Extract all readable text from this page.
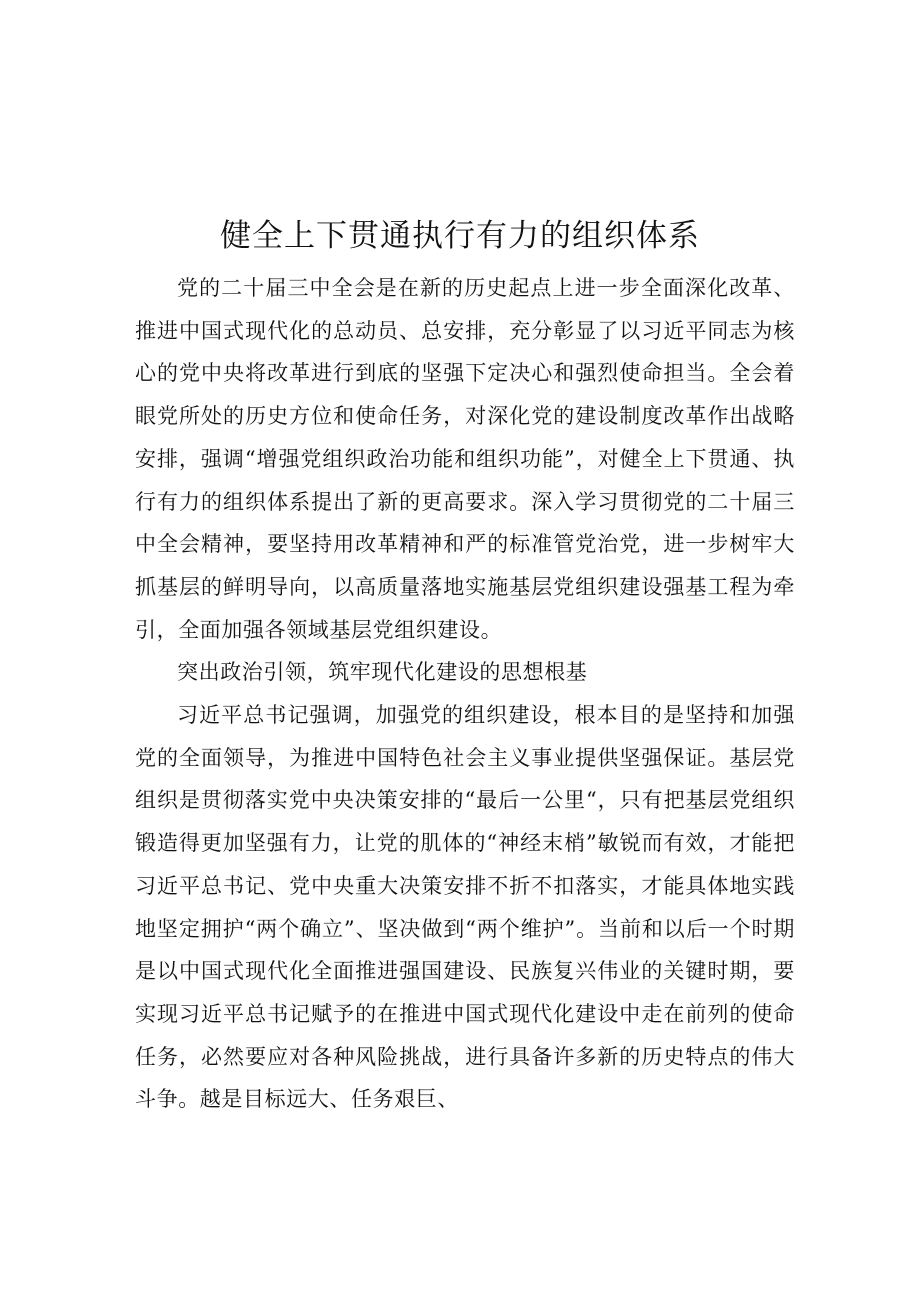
健全上下贯通执行有力的组织体系

党的二十届三中全会是在新的历史起点上进一步全面深化改革、推进中国式现代化的总动员、总安排，充分彰显了以习近平同志为核心的党中央将改革进行到底的坚强下定决心和强烈使命担当。全会着眼党所处的历史方位和使命任务，对深化党的建设制度改革作出战略安排，强调“增强党组织政治功能和组织功能”，对健全上下贯通、执行有力的组织体系提出了新的更高要求。深入学习贯彻党的二十届三中全会精神，要坚持用改革精神和严的标准管党治党，进一步树牢大抓基层的鲜明导向，以高质量落地实施基层党组织建设强基工程为牵引，全面加强各领域基层党组织建设。

突出政治引领，筑牢现代化建设的思想根基

习近平总书记强调，加强党的组织建设，根本目的是坚持和加强党的全面领导，为推进中国特色社会主义事业提供坚强保证。基层党组织是贯彻落实党中央决策安排的“最后一公里“，只有把基层党组织锻造得更加坚强有力，让党的肌体的“神经末梢”敏锐而有效，才能把习近平总书记、党中央重大决策安排不折不扣落实，才能具体地实践地坚定拥护“两个确立”、坚决做到“两个维护”。当前和以后一个时期是以中国式现代化全面推进强国建设、民族复兴伟业的关键时期，要实现习近平总书记赋予的在推进中国式现代化建设中走在前列的使命任务，必然要应对各种风险挑战，进行具备许多新的历史特点的伟大斗争。越是目标远大、任务艰巨、
